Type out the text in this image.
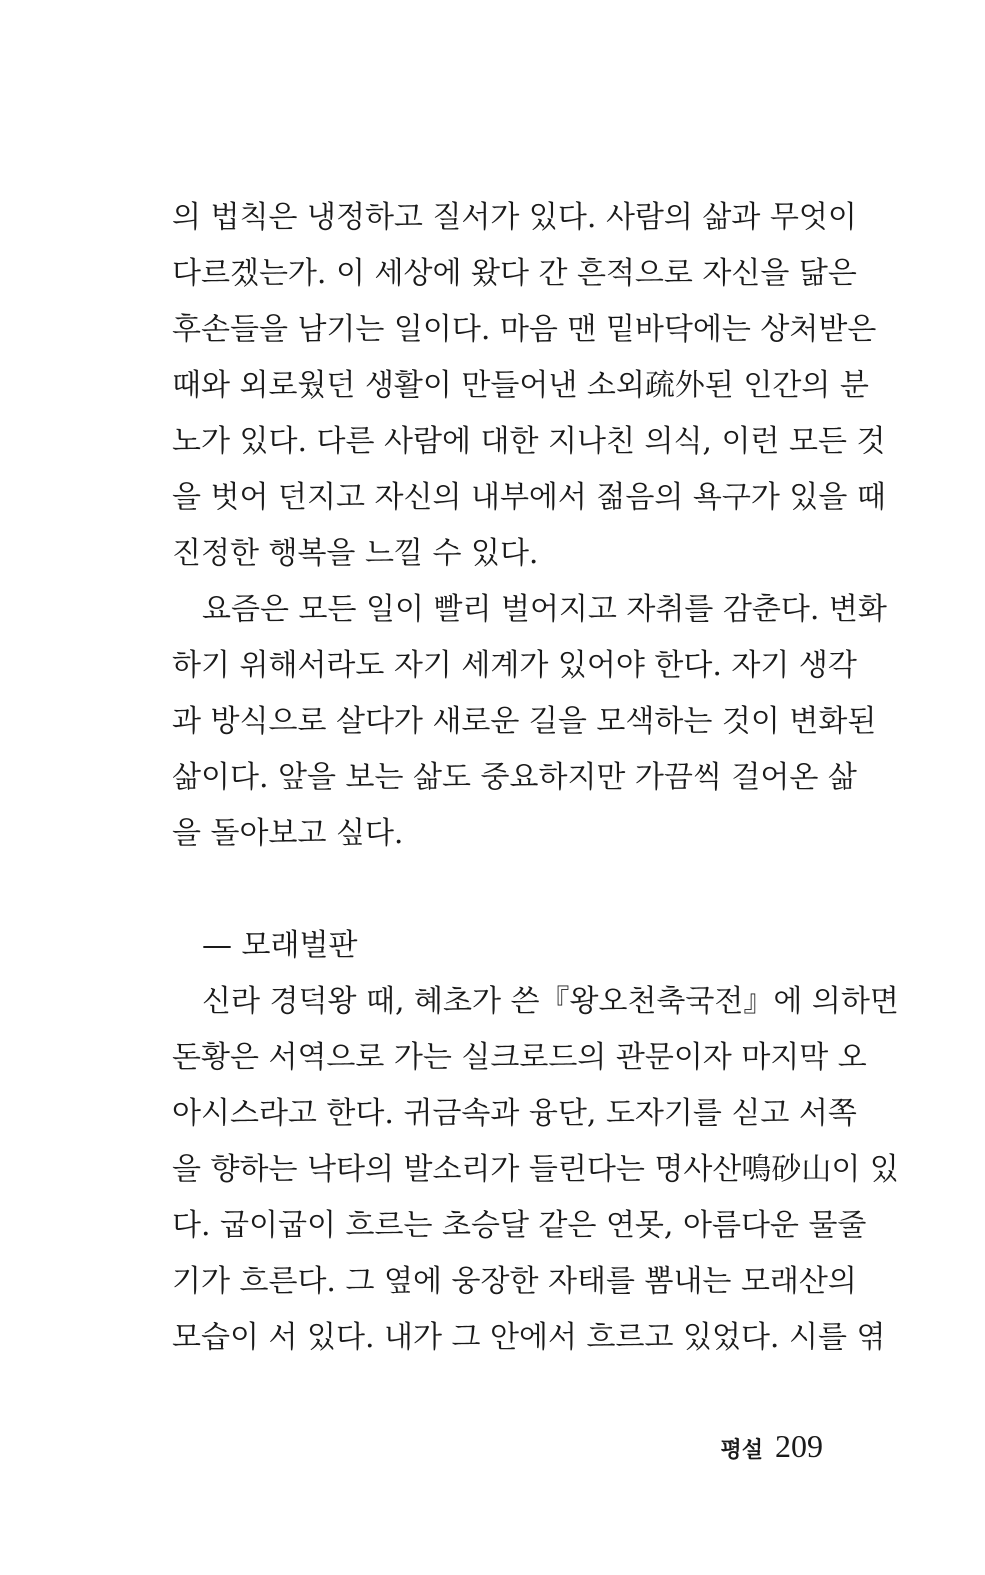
의 법칙은 냉정하고 질서가 있다. 사람의 삶과 무엇이
다르겠는가. 이 세상에 왔다 간 흔적으로 자신을 닮은
후손들을 남기는 일이다. 마음 맨 밑바닥에는 상처받은
때와 외로웠던 생활이 만들어낸 소외疏外된 인간의 분
노가 있다. 다른 사람에 대한 지나친 의식, 이런 모든 것
을 벗어 던지고 자신의 내부에서 젊음의 욕구가 있을 때
진정한 행복을 느낄 수 있다.
요즘은 모든 일이 빨리 벌어지고 자취를 감춘다. 변화
하기 위해서라도 자기 세계가 있어야 한다. 자기 생각
과 방식으로 살다가 새로운 길을 모색하는 것이 변화된
삶이다. 앞을 보는 삶도 중요하지만 가끔씩 걸어온 삶
을 돌아보고 싶다.
— 모래벌판
신라 경덕왕 때, 혜초가 쓴『왕오천축국전』에 의하면
돈황은 서역으로 가는 실크로드의 관문이자 마지막 오
아시스라고 한다. 귀금속과 융단, 도자기를 싣고 서쪽
을 향하는 낙타의 발소리가 들린다는 명사산鳴砂山이 있
다. 굽이굽이 흐르는 초승달 같은 연못, 아름다운 물줄
기가 흐른다. 그 옆에 웅장한 자태를 뽐내는 모래산의
모습이 서 있다. 내가 그 안에서 흐르고 있었다. 시를 엮
평설 209
